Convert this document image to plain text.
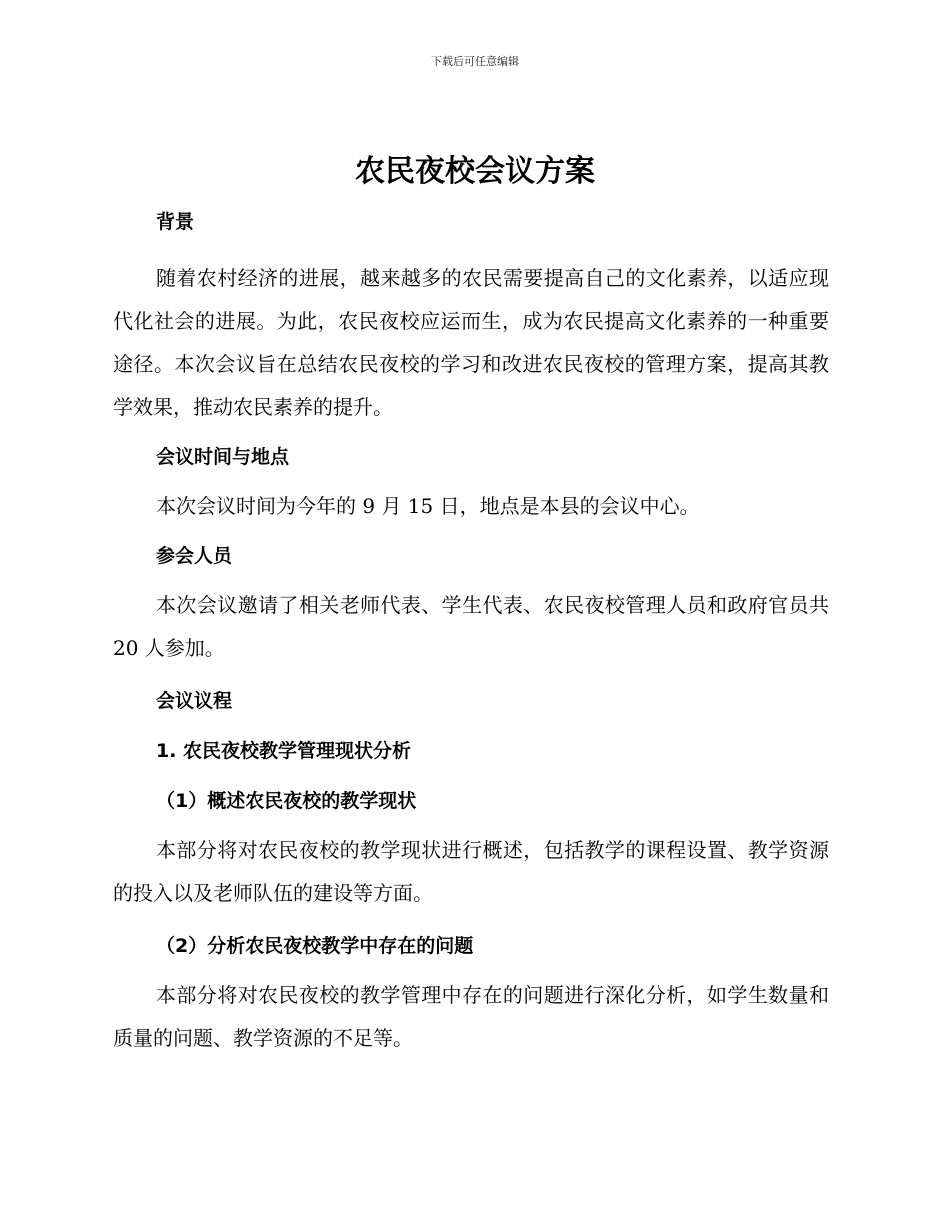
下载后可任意编辑
农民夜校会议方案

背景

随着农村经济的进展，越来越多的农民需要提高自己的文化素养，以适应现代化社会的进展。为此，农民夜校应运而生，成为农民提高文化素养的一种重要途径。本次会议旨在总结农民夜校的学习和改进农民夜校的管理方案，提高其教学效果，推动农民素养的提升。

会议时间与地点

本次会议时间为今年的 9 月 15 日，地点是本县的会议中心。

参会人员

本次会议邀请了相关老师代表、学生代表、农民夜校管理人员和政府官员共 20 人参加。

会议议程

1. 农民夜校教学管理现状分析

（1）概述农民夜校的教学现状

本部分将对农民夜校的教学现状进行概述，包括教学的课程设置、教学资源的投入以及老师队伍的建设等方面。

（2）分析农民夜校教学中存在的问题

本部分将对农民夜校的教学管理中存在的问题进行深化分析，如学生数量和质量的问题、教学资源的不足等。
